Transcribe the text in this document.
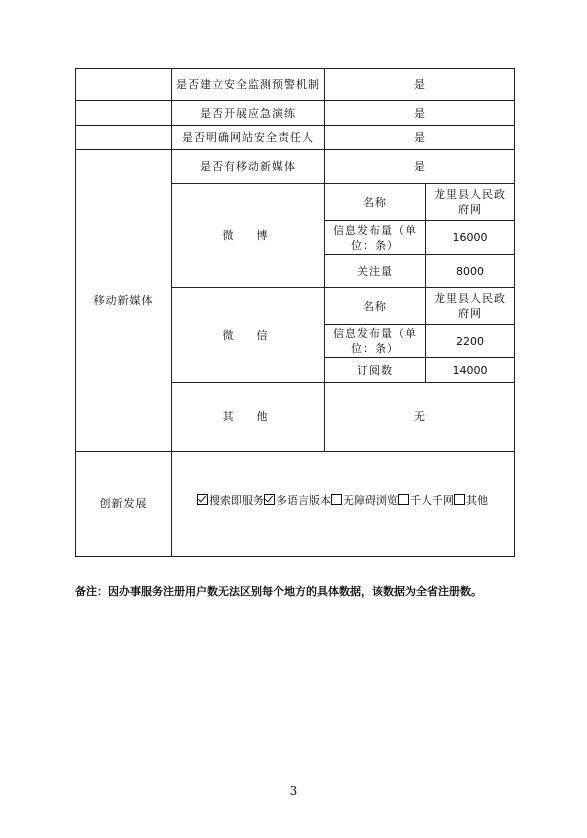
	是否建立安全监测预警机制	是	
	是否开展应急演练	是	
	是否明确网站安全责任人	是	
移动新媒体	是否有移动新媒体	是	
	微　博	名称	龙里县人民政府网
		信息发布量（单位：条）	16000
		关注量	8000
	微　信	名称	龙里县人民政府网
		信息发布量（单位：条）	2200
		订阅数	14000
	其　他	无	
创新发展	搜索即服务 多语言版本 无障碍浏览 千人千网 其他		
备注：因办事服务注册用户数无法区别每个地方的具体数据，该数据为全省注册数。
3
